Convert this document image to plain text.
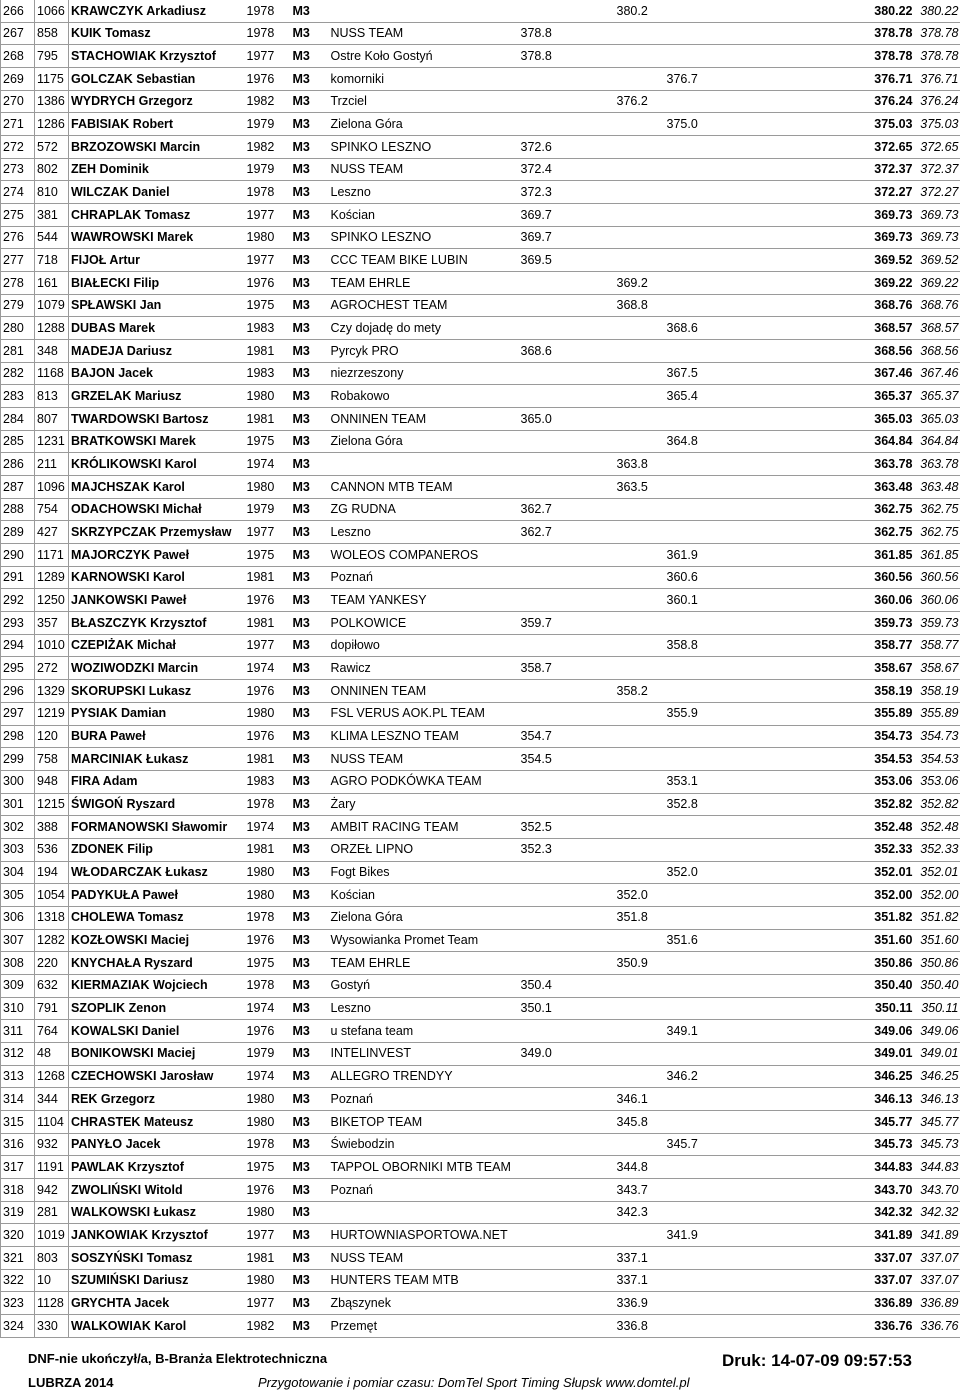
266	1066	KRAWCZYK Arkadiusz	1978	M3			380.2		380.22	380.22
267	858	KUIK Tomasz	1978	M3	NUSS TEAM	378.8			378.78	378.78
268	795	STACHOWIAK Krzysztof	1977	M3	Ostre Koło Gostyń	378.8			378.78	378.78
269	1175	GOLCZAK Sebastian	1976	M3	komorniki			376.7	376.71	376.71
270	1386	WYDRYCH Grzegorz	1982	M3	Trzciel		376.2		376.24	376.24
271	1286	FABISIAK Robert	1979	M3	Zielona Góra			375.0	375.03	375.03
272	572	BRZOZOWSKI Marcin	1982	M3	SPINKO LESZNO	372.6			372.65	372.65
273	802	ZEH Dominik	1979	M3	NUSS TEAM	372.4			372.37	372.37
274	810	WILCZAK Daniel	1978	M3	Leszno	372.3			372.27	372.27
275	381	CHRAPLAK Tomasz	1977	M3	Kościan	369.7			369.73	369.73
276	544	WAWROWSKI Marek	1980	M3	SPINKO LESZNO	369.7			369.73	369.73
277	718	FIJOŁ Artur	1977	M3	CCC TEAM BIKE LUBIN	369.5			369.52	369.52
278	161	BIAŁECKI Filip	1976	M3	TEAM EHRLE		369.2		369.22	369.22
279	1079	SPŁAWSKI Jan	1975	M3	AGROCHEST TEAM		368.8		368.76	368.76
280	1288	DUBAS Marek	1983	M3	Czy dojadę do mety			368.6	368.57	368.57
281	348	MADEJA Dariusz	1981	M3	Pyrcyk PRO	368.6			368.56	368.56
282	1168	BAJON Jacek	1983	M3	niezrzeszony			367.5	367.46	367.46
283	813	GRZELAK Mariusz	1980	M3	Robakowo			365.4	365.37	365.37
284	807	TWARDOWSKI Bartosz	1981	M3	ONNINEN TEAM	365.0			365.03	365.03
285	1231	BRATKOWSKI Marek	1975	M3	Zielona Góra			364.8	364.84	364.84
286	211	KRÓLIKOWSKI Karol	1974	M3			363.8		363.78	363.78
287	1096	MAJCHSZAK Karol	1980	M3	CANNON MTB TEAM		363.5		363.48	363.48
288	754	ODACHOWSKI Michał	1979	M3	ZG RUDNA	362.7			362.75	362.75
289	427	SKRZYPCZAK Przemysław	1977	M3	Leszno	362.7			362.75	362.75
290	1171	MAJORCZYK Paweł	1975	M3	WOLEOS COMPANEROS			361.9	361.85	361.85
291	1289	KARNOWSKI Karol	1981	M3	Poznań			360.6	360.56	360.56
292	1250	JANKOWSKI Paweł	1976	M3	TEAM YANKESY			360.1	360.06	360.06
293	357	BŁASZCZYK Krzysztof	1981	M3	POLKOWICE	359.7			359.73	359.73
294	1010	CZEPIŻAK Michał	1977	M3	dopiłowo			358.8	358.77	358.77
295	272	WOZIWODZKI Marcin	1974	M3	Rawicz	358.7			358.67	358.67
296	1329	SKORUPSKI Lukasz	1976	M3	ONNINEN TEAM		358.2		358.19	358.19
297	1219	PYSIAK Damian	1980	M3	FSL VERUS AOK.PL TEAM			355.9	355.89	355.89
298	120	BURA Paweł	1976	M3	KLIMA LESZNO TEAM	354.7			354.73	354.73
299	758	MARCINIAK Łukasz	1981	M3	NUSS TEAM	354.5			354.53	354.53
300	948	FIRA Adam	1983	M3	AGRO PODKÓWKA TEAM			353.1	353.06	353.06
301	1215	ŚWIGOŃ Ryszard	1978	M3	Żary			352.8	352.82	352.82
302	388	FORMANOWSKI Sławomir	1974	M3	AMBIT RACING TEAM	352.5			352.48	352.48
303	536	ZDONEK Filip	1981	M3	ORZEŁ LIPNO	352.3			352.33	352.33
304	194	WŁODARCZAK Łukasz	1980	M3	Fogt Bikes			352.0	352.01	352.01
305	1054	PADYKUŁA Paweł	1980	M3	Kościan		352.0		352.00	352.00
306	1318	CHOLEWA Tomasz	1978	M3	Zielona Góra		351.8		351.82	351.82
307	1282	KOZŁOWSKI Maciej	1976	M3	Wysowianka Promet Team			351.6	351.60	351.60
308	220	KNYCHAŁA Ryszard	1975	M3	TEAM EHRLE		350.9		350.86	350.86
309	632	KIERMAZIAK Wojciech	1978	M3	Gostyń	350.4			350.40	350.40
310	791	SZOPLIK Zenon	1974	M3	Leszno	350.1			350.11	350.11
311	764	KOWALSKI Daniel	1976	M3	u stefana team			349.1	349.06	349.06
312	48	BONIKOWSKI Maciej	1979	M3	INTELINVEST	349.0			349.01	349.01
313	1268	CZECHOWSKI Jarosław	1974	M3	ALLEGRO TRENDYY			346.2	346.25	346.25
314	344	REK Grzegorz	1980	M3	Poznań		346.1		346.13	346.13
315	1104	CHRASTEK Mateusz	1980	M3	BIKETOP TEAM		345.8		345.77	345.77
316	932	PANYŁO Jacek	1978	M3	Świebodzin			345.7	345.73	345.73
317	1191	PAWLAK Krzysztof	1975	M3	TAPPOL OBORNIKI MTB TEAM		344.8		344.83	344.83
318	942	ZWOLIŃSKI Witold	1976	M3	Poznań		343.7		343.70	343.70
319	281	WALKOWSKI Łukasz	1980	M3			342.3		342.32	342.32
320	1019	JANKOWIAK Krzysztof	1977	M3	HURTOWNIASPORTOWA.NET			341.9	341.89	341.89
321	803	SOSZYŃSKI Tomasz	1981	M3	NUSS TEAM		337.1		337.07	337.07
322	10	SZUMIŃSKI Dariusz	1980	M3	HUNTERS TEAM MTB		337.1		337.07	337.07
323	1128	GRYCHTA Jacek	1977	M3	Zbąszynek		336.9		336.89	336.89
324	330	WALKOWIAK Karol	1982	M3	Przemęt		336.8		336.76	336.76
DNF-nie ukończył/a, B-Branża Elektrotechniczna
LUBRZA 2014	Przygotowanie i pomiar czasu: DomTel Sport Timing Słupsk www.domtel.pl
Druk: 14-07-09 09:57:53
